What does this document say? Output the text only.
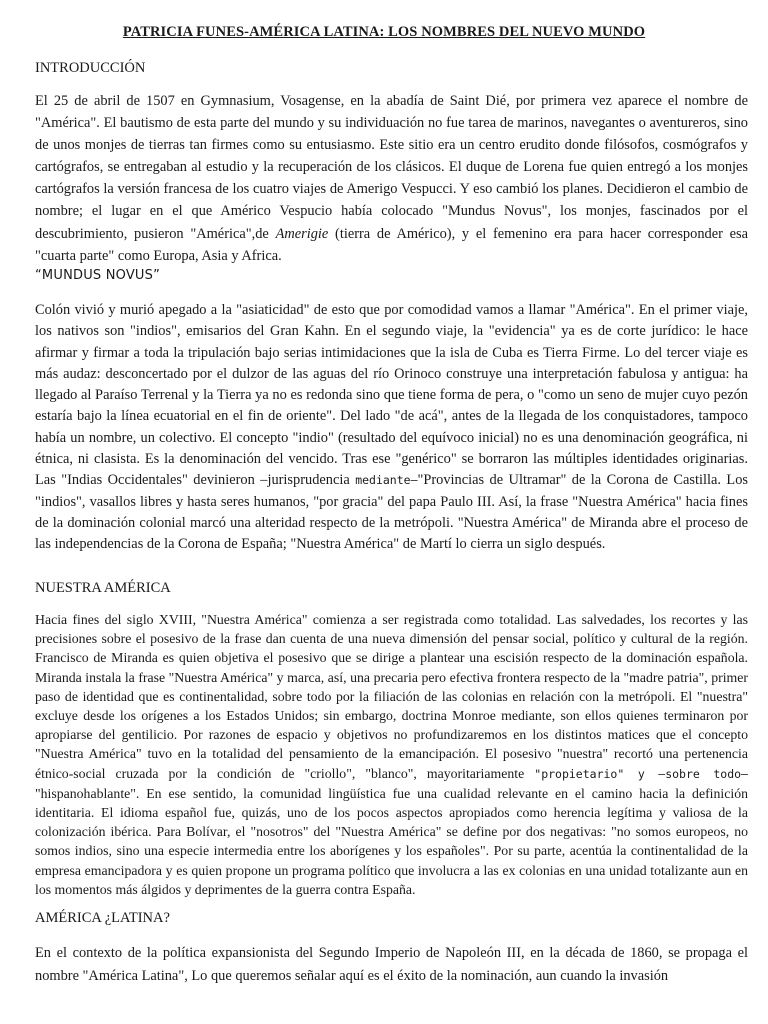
PATRICIA FUNES-AMÉRICA LATINA: LOS NOMBRES DEL NUEVO MUNDO

INTRODUCCIÓN

El 25 de abril de 1507 en Gymnasium, Vosagense, en la abadía de Saint Dié, por primera vez aparece el nombre de "América". El bautismo de esta parte del mundo y su individuación no fue tarea de marinos, navegantes o aventureros, sino de unos monjes de tierras tan firmes como su entusiasmo. Este sitio era un centro erudito donde filósofos, cosmógrafos y cartógrafos, se entregaban al estudio y la recuperación de los clásicos. El duque de Lorena fue quien entregó a los monjes cartógrafos la versión francesa de los cuatro viajes de Amerigo Vespucci. Y eso cambió los planes. Decidieron el cambio de nombre; el lugar en el que Américo Vespucio había colocado "Mundus Novus", los monjes, fascinados por el descubrimiento, pusieron "América",de Amerigie (tierra de Américo), y el femenino era para hacer corresponder esa "cuarta parte" como Europa, Asia y Africa.

“MUNDUS NOVUS”

Colón vivió y murió apegado a la "asiaticidad" de esto que por comodidad vamos a llamar "América". En el primer viaje, los nativos son "indios", emisarios del Gran Kahn. En el segundo viaje, la "evidencia" ya es de corte jurídico: le hace afirmar y firmar a toda la tripulación bajo serias intimidaciones que la isla de Cuba es Tierra Firme. Lo del tercer viaje es más audaz: desconcertado por el dulzor de las aguas del río Orinoco construye una interpretación fabulosa y antigua: ha llegado al Paraíso Terrenal y la Tierra ya no es redonda sino que tiene forma de pera, o "como un seno de mujer cuyo pezón estaría bajo la línea ecuatorial en el fin de oriente". Del lado "de acá", antes de la llegada de los conquistadores, tampoco había un nombre, un colectivo. El concepto "indio" (resultado del equívoco inicial) no es una denominación geográfica, ni étnica, ni clasista. Es la denominación del vencido. Tras ese "genérico" se borraron las múltiples identidades originarias. Las "Indias Occidentales" devinieron –jurisprudencia mediante–"Provincias de Ultramar" de la Corona de Castilla. Los "indios", vasallos libres y hasta seres humanos, "por gracia" del papa Paulo III. Así, la frase "Nuestra América" hacia fines de la dominación colonial marcó una alteridad respecto de la metrópoli. "Nuestra América" de Miranda abre el proceso de las independencias de la Corona de España; "Nuestra América" de Martí lo cierra un siglo después.

NUESTRA AMÉRICA

Hacia fines del siglo XVIII, "Nuestra América" comienza a ser registrada como totalidad. Las salvedades, los recortes y las precisiones sobre el posesivo de la frase dan cuenta de una nueva dimensión del pensar social, político y cultural de la región. Francisco de Miranda es quien objetiva el posesivo que se dirige a plantear una escisión respecto de la dominación española. Miranda instala la frase "Nuestra América" y marca, así, una precaria pero efectiva frontera respecto de la "madre patria", primer paso de identidad que es continentalidad, sobre todo por la filiación de las colonias en relación con la metrópoli. El "nuestra" excluye desde los orígenes a los Estados Unidos; sin embargo, doctrina Monroe mediante, son ellos quienes terminaron por apropiarse del gentilicio. Por razones de espacio y objetivos no profundizaremos en los distintos matices que el concepto "Nuestra América" tuvo en la totalidad del pensamiento de la emancipación. El posesivo "nuestra" recortó una pertenencia étnico-social cruzada por la condición de "criollo", "blanco", mayoritariamente "propietario" y –sobre todo– "hispanohablante". En ese sentido, la comunidad lingüística fue una cualidad relevante en el camino hacia la definición identitaria. El idioma español fue, quizás, uno de los pocos aspectos apropiados como herencia legítima y valiosa de la colonización ibérica. Para Bolívar, el "nosotros" del "Nuestra América" se define por dos negativas: "no somos europeos, no somos indios, sino una especie intermedia entre los aborígenes y los españoles". Por su parte, acentúa la continentalidad de la empresa emancipadora y es quien propone un programa político que involucra a las ex colonias en una unidad totalizante aun en los momentos más álgidos y deprimentes de la guerra contra España.

AMÉRICA ¿LATINA?

En el contexto de la política expansionista del Segundo Imperio de Napoleón III, en la década de 1860, se propaga el nombre "América Latina", Lo que queremos señalar aquí es el éxito de la nominación, aun cuando la invasión
